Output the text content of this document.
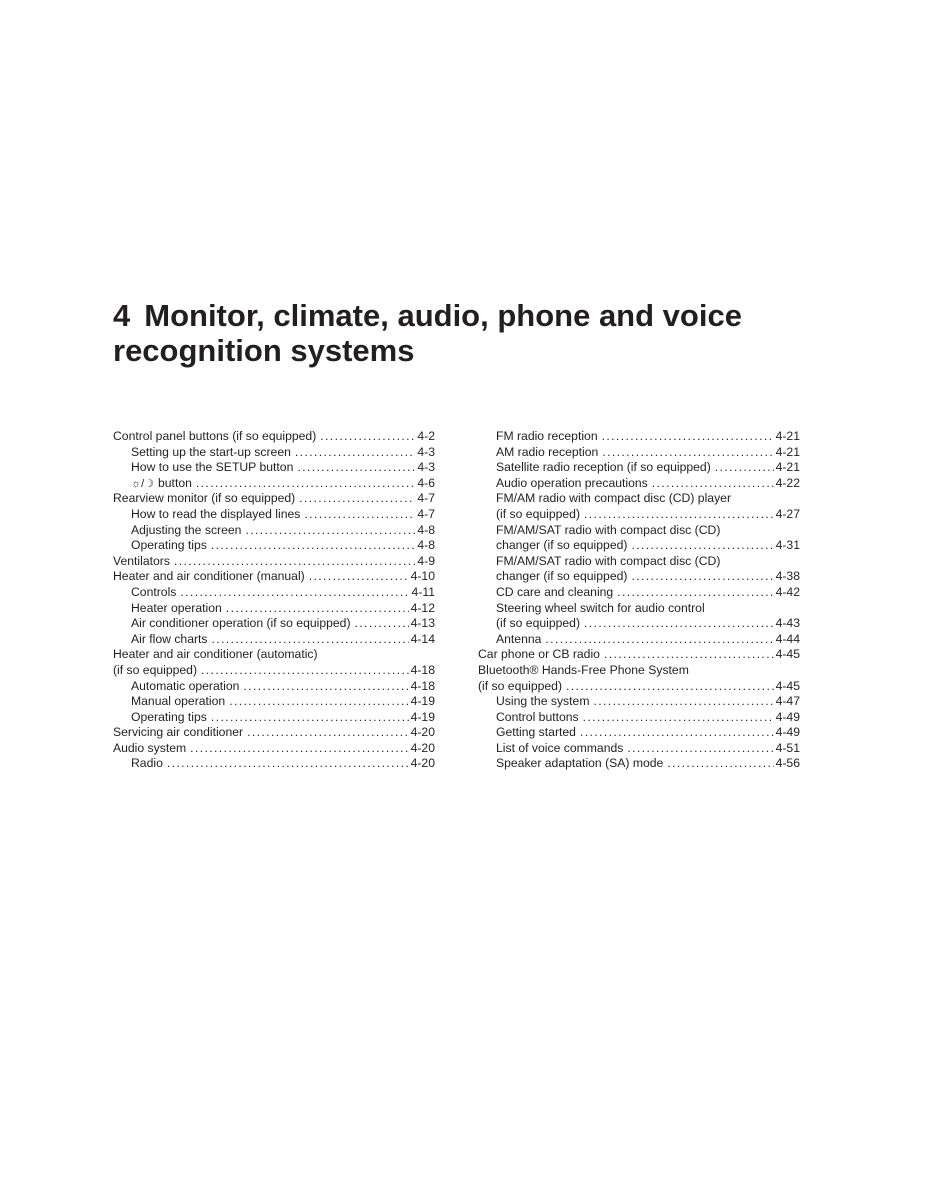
4 Monitor, climate, audio, phone and voice
recognition systems
Control panel buttons (if so equipped) . . .	4-2
Setting up the start-up screen . . .	4-3
How to use the SETUP button . . .	4-3
☼/☽ button . . .	4-6
Rearview monitor (if so equipped) . . .	4-7
How to read the displayed lines . . .	4-7
Adjusting the screen . . .	4-8
Operating tips . . .	4-8
Ventilators . . .	4-9
Heater and air conditioner (manual) . . .	4-10
Controls . . .	4-11
Heater operation . . .	4-12
Air conditioner operation (if so equipped) . . .	4-13
Air flow charts . . .	4-14
Heater and air conditioner (automatic)
(if so equipped) . . .	4-18
Automatic operation . . .	4-18
Manual operation . . .	4-19
Operating tips . . .	4-19
Servicing air conditioner . . .	4-20
Audio system . . .	4-20
Radio . . .	4-20
FM radio reception . . .	4-21
AM radio reception . . .	4-21
Satellite radio reception (if so equipped) . . .	4-21
Audio operation precautions . . .	4-22
FM/AM radio with compact disc (CD) player
(if so equipped) . . .	4-27
FM/AM/SAT radio with compact disc (CD)
changer (if so equipped) . . .	4-31
FM/AM/SAT radio with compact disc (CD)
changer (if so equipped) . . .	4-38
CD care and cleaning . . .	4-42
Steering wheel switch for audio control
(if so equipped) . . .	4-43
Antenna . . .	4-44
Car phone or CB radio . . .	4-45
Bluetooth® Hands-Free Phone System
(if so equipped) . . .	4-45
Using the system . . .	4-47
Control buttons . . .	4-49
Getting started . . .	4-49
List of voice commands . . .	4-51
Speaker adaptation (SA) mode . . .	4-56
